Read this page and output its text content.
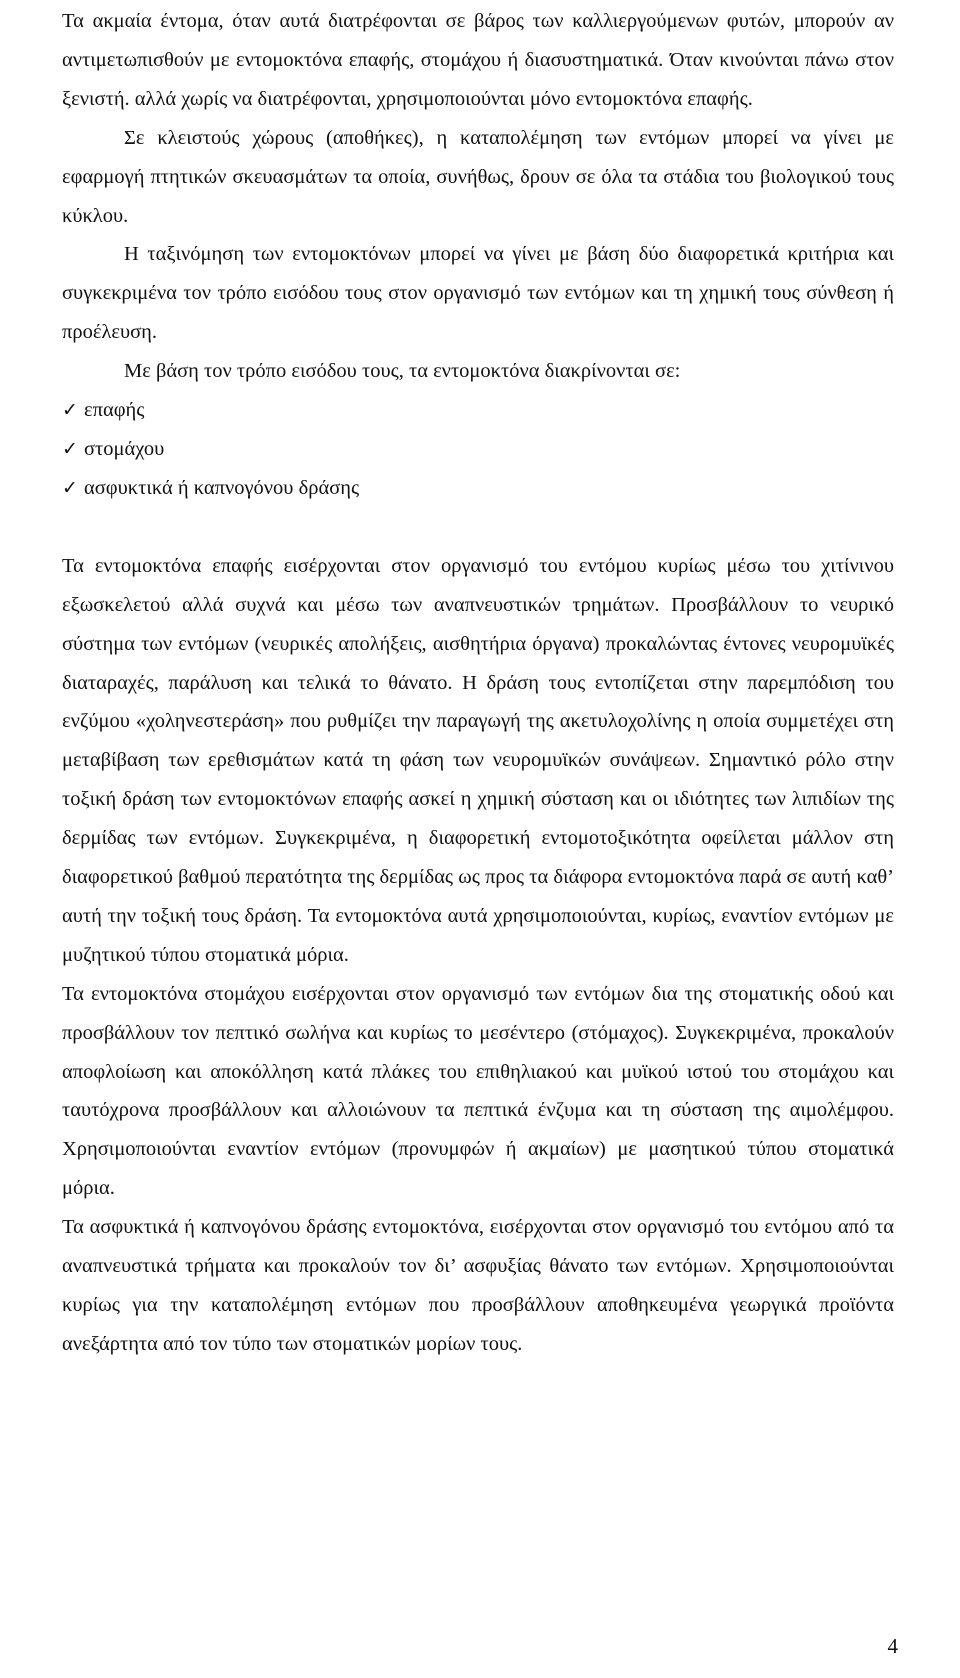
Τα ακμαία έντομα, όταν αυτά διατρέφονται σε βάρος των καλλιεργούμενων φυτών, μπορούν αν αντιμετωπισθούν με εντομοκτόνα επαφής, στομάχου ή διασυστηματικά. Όταν κινούνται πάνω στον ξενιστή. αλλά χωρίς να διατρέφονται, χρησιμοποιούνται μόνο εντομοκτόνα επαφής.

Σε κλειστούς χώρους (αποθήκες), η καταπολέμηση των εντόμων μπορεί να γίνει με εφαρμογή πτητικών σκευασμάτων τα οποία, συνήθως, δρουν σε όλα τα στάδια του βιολογικού τους κύκλου.

Η ταξινόμηση των εντομοκτόνων μπορεί να γίνει με βάση δύο διαφορετικά κριτήρια και συγκεκριμένα τον τρόπο εισόδου τους στον οργανισμό των εντόμων και τη χημική τους σύνθεση ή προέλευση.

Με βάση τον τρόπο εισόδου τους, τα εντομοκτόνα διακρίνονται σε:

✓ επαφής
✓ στομάχου
✓ ασφυκτικά ή καπνογόνου δράσης

Τα εντομοκτόνα επαφής εισέρχονται στον οργανισμό του εντόμου κυρίως μέσω του χιτίνινου εξωσκελετού αλλά συχνά και μέσω των αναπνευστικών τρημάτων. Προσβάλλουν το νευρικό σύστημα των εντόμων (νευρικές απολήξεις, αισθητήρια όργανα) προκαλώντας έντονες νευρομυϊκές διαταραχές, παράλυση και τελικά το θάνατο. Η δράση τους εντοπίζεται στην παρεμπόδιση του ενζύμου «χοληνεστεράση» που ρυθμίζει την παραγωγή της ακετυλοχολίνης η οποία συμμετέχει στη μεταβίβαση των ερεθισμάτων κατά τη φάση των νευρομυϊκών συνάψεων. Σημαντικό ρόλο στην τοξική δράση των εντομοκτόνων επαφής ασκεί η χημική σύσταση και οι ιδιότητες των λιπιδίων της δερμίδας των εντόμων. Συγκεκριμένα, η διαφορετική εντομοτοξικότητα οφείλεται μάλλον στη διαφορετικού βαθμού περατότητα της δερμίδας ως προς τα διάφορα εντομοκτόνα παρά σε αυτή καθ’ αυτή την τοξική τους δράση. Τα εντομοκτόνα αυτά χρησιμοποιούνται, κυρίως, εναντίον εντόμων με μυζητικού τύπου στοματικά μόρια.

Τα εντομοκτόνα στομάχου εισέρχονται στον οργανισμό των εντόμων δια της στοματικής οδού και προσβάλλουν τον πεπτικό σωλήνα και κυρίως το μεσέντερο (στόμαχος). Συγκεκριμένα, προκαλούν αποφλοίωση και αποκόλληση κατά πλάκες του επιθηλιακού και μυϊκού ιστού του στομάχου και ταυτόχρονα προσβάλλουν και αλλοιώνουν τα πεπτικά ένζυμα και τη σύσταση της αιμολέμφου. Χρησιμοποιούνται εναντίον εντόμων (προνυμφών ή ακμαίων) με μασητικού τύπου στοματικά μόρια.

Τα ασφυκτικά ή καπνογόνου δράσης εντομοκτόνα, εισέρχονται στον οργανισμό του εντόμου από τα αναπνευστικά τρήματα και προκαλούν τον δι’ ασφυξίας θάνατο των εντόμων. Χρησιμοποιούνται κυρίως για την καταπολέμηση εντόμων που προσβάλλουν αποθηκευμένα γεωργικά προϊόντα ανεξάρτητα από τον τύπο των στοματικών μορίων τους.

4
